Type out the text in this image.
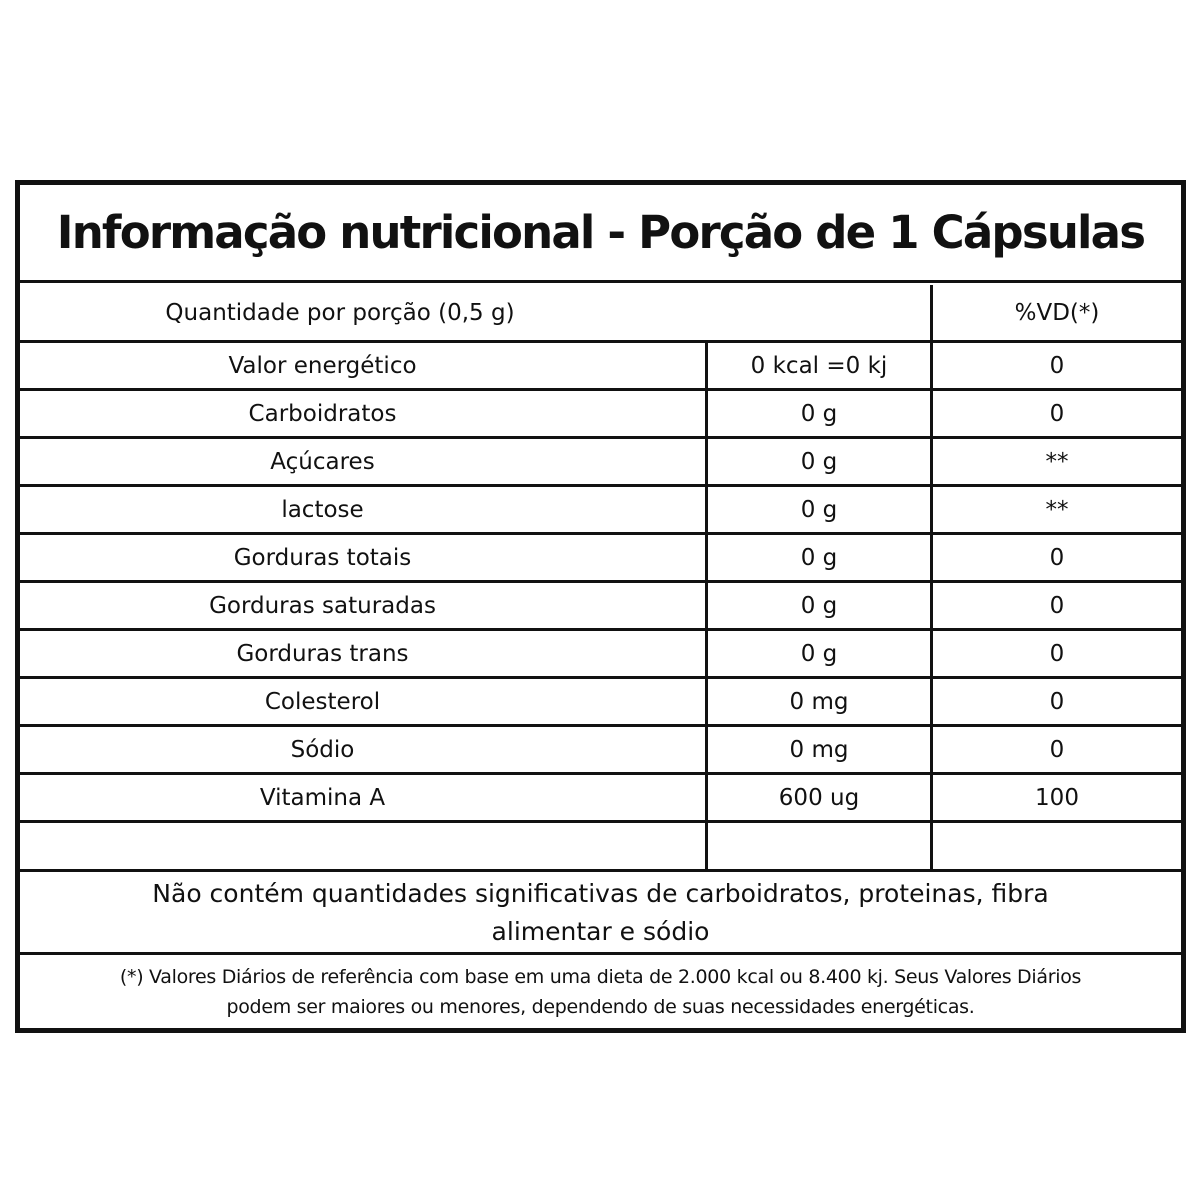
Informação nutricional - Porção de 1 Cápsulas
Quantidade por porção (0,5 g)	%VD(*)
Valor energético	0 kcal =0 kj	0
Carboidratos	0 g	0
Açúcares	0 g	**
lactose	0 g	**
Gorduras totais	0 g	0
Gorduras saturadas	0 g	0
Gorduras trans	0 g	0
Colesterol	0 mg	0
Sódio	0 mg	0
Vitamina A	600 ug	100
Não contém quantidades significativas de carboidratos, proteinas, fibra
alimentar e sódio
(*) Valores Diários de referência com base em uma dieta de 2.000 kcal ou 8.400 kj. Seus Valores Diários
podem ser maiores ou menores, dependendo de suas necessidades energéticas.
